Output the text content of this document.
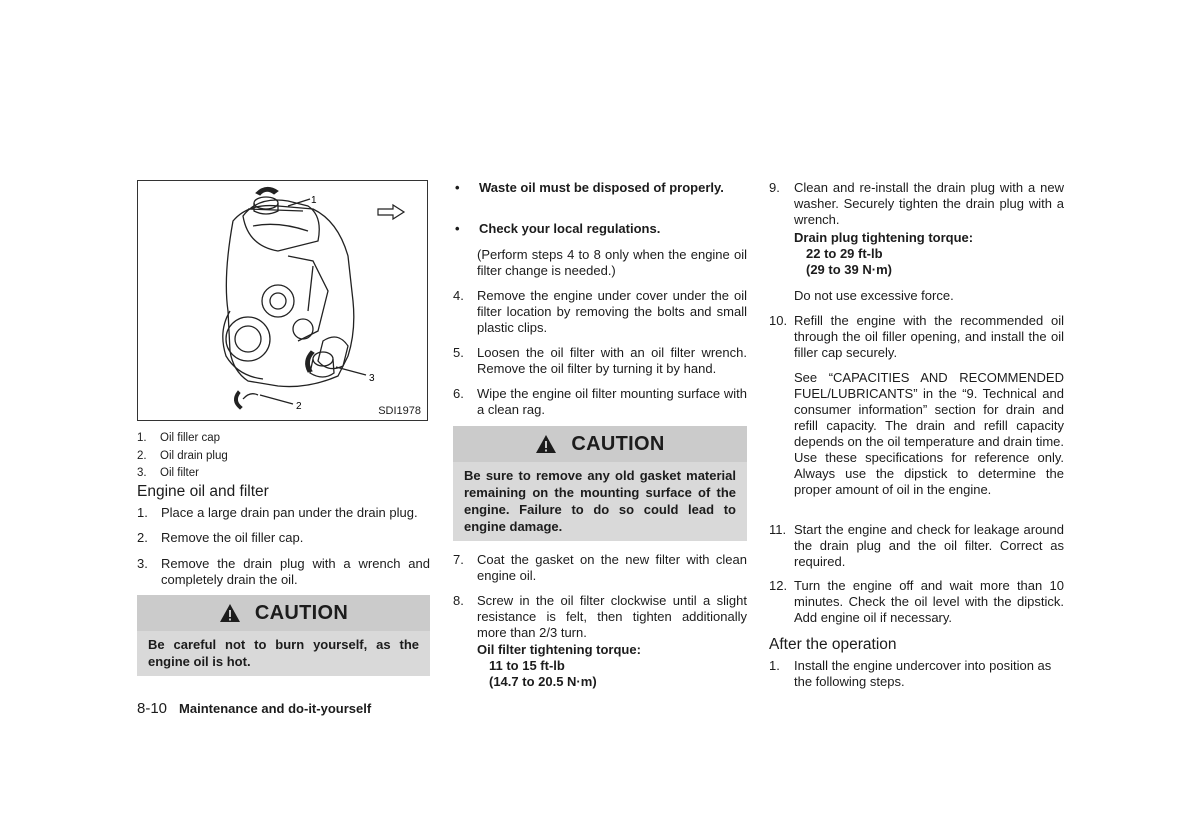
1
3
2	SDI1978
1.	Oil filler cap
2.	Oil drain plug
3.	Oil filter
Engine oil and filter
1.	Place a large drain pan under the drain plug.
2.	Remove the oil filler cap.
3.	Remove the drain plug with a wrench and completely drain the oil.
CAUTION
Be careful not to burn yourself, as the engine oil is hot.
8-10 Maintenance and do-it-yourself
•	Waste oil must be disposed of properly.
•	Check your local regulations.
(Perform steps 4 to 8 only when the engine oil filter change is needed.)
4.	Remove the engine under cover under the oil filter location by removing the bolts and small plastic clips.
5.	Loosen the oil filter with an oil filter wrench. Remove the oil filter by turning it by hand.
6.	Wipe the engine oil filter mounting surface with a clean rag.
CAUTION
Be sure to remove any old gasket material remaining on the mounting surface of the engine. Failure to do so could lead to engine damage.
7.	Coat the gasket on the new filter with clean engine oil.
8.	Screw in the oil filter clockwise until a slight resistance is felt, then tighten additionally more than 2/3 turn.
Oil filter tightening torque:
11 to 15 ft-lb
(14.7 to 20.5 N·m)
9.	Clean and re-install the drain plug with a new washer. Securely tighten the drain plug with a wrench.
Drain plug tightening torque:
22 to 29 ft-lb
(29 to 39 N·m)
Do not use excessive force.
10. Refill the engine with the recommended oil through the oil filler opening, and install the oil filler cap securely.
See “CAPACITIES AND RECOMMENDED FUEL/LUBRICANTS” in the “9. Technical and consumer information” section for drain and refill capacity. The drain and refill capacity depends on the oil temperature and drain time. Use these specifications for reference only. Always use the dipstick to determine the proper amount of oil in the engine.
11. Start the engine and check for leakage around the drain plug and the oil filter. Correct as required.
12. Turn the engine off and wait more than 10 minutes. Check the oil level with the dipstick. Add engine oil if necessary.
After the operation
1.	Install the engine undercover into position as the following steps.
